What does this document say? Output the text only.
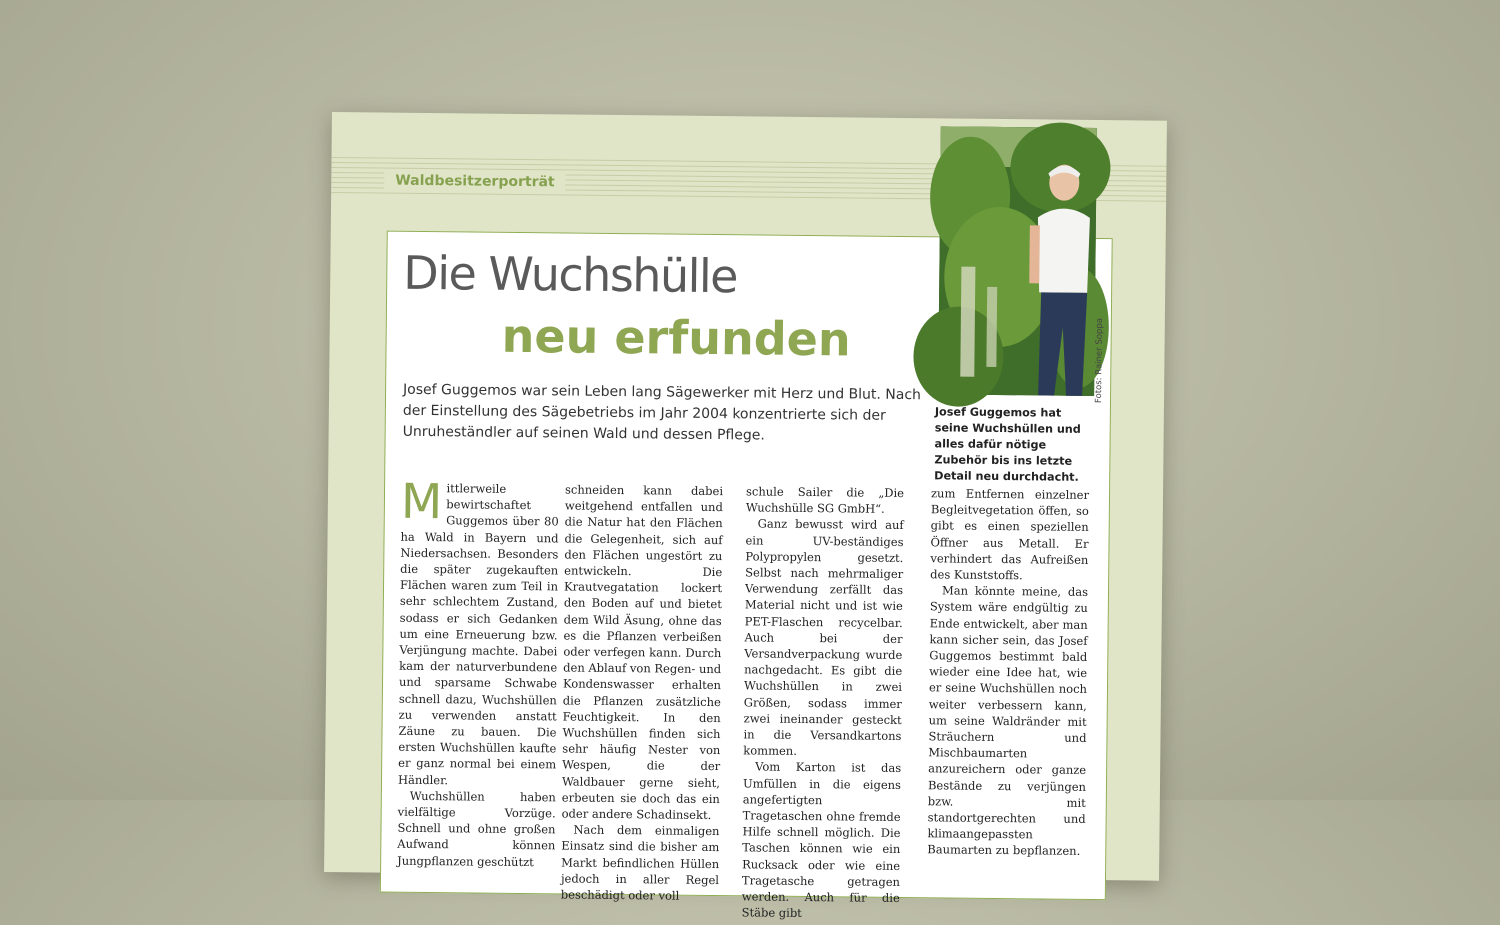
Waldbesitzerporträt
Die Wuchshülle
neu erfunden

Josef Guggemos war sein Leben lang Sägewerker mit Herz und Blut. Nach der Einstellung des Sägebetriebs im Jahr 2004 konzentrierte sich der Unruheständler auf seinen Wald und dessen Pflege.

Mittlerweile bewirtschaftet Guggemos über 80 ha Wald in Bayern und Niedersachsen. Besonders die später zugekauften Flächen waren zum Teil in sehr schlechtem Zustand, sodass er sich Gedanken um eine Erneuerung bzw. Verjüngung machte. Dabei kam der naturverbundene und sparsame Schwabe schnell dazu, Wuchshüllen zu verwenden anstatt Zäune zu bauen. Die ersten Wuchshüllen kaufte er ganz normal bei einem Händler.

Wuchshüllen haben vielfältige Vorzüge. Schnell und ohne großen Aufwand können Jungpflanzen geschützt

schneiden kann dabei weitgehend entfallen und die Natur hat den Flächen die Gelegenheit, sich auf den Flächen ungestört zu entwickeln. Die Krautvegatation lockert den Boden auf und bietet dem Wild Äsung, ohne das es die Pflanzen verbeißen oder verfegen kann. Durch den Ablauf von Regen- und Kondenswasser erhalten die Pflanzen zusätzliche Feuchtigkeit. In den Wuchshüllen finden sich sehr häufig Nester von Wespen, die der Waldbauer gerne sieht, erbeuten sie doch das ein oder andere Schadinsekt.

Nach dem einmaligen Einsatz sind die bisher am Markt befindlichen Hüllen jedoch in aller Regel beschädigt oder voll

schule Sailer die „Die Wuchshülle SG GmbH“.

Ganz bewusst wird auf ein UV-beständiges Polypropylen gesetzt. Selbst nach mehrmaliger Verwendung zerfällt das Material nicht und ist wie PET-Flaschen recycelbar. Auch bei der Versandverpackung wurde nachgedacht. Es gibt die Wuchshüllen in zwei Größen, sodass immer zwei ineinander gesteckt in die Versandkartons kommen.

Vom Karton ist das Umfüllen in die eigens angefertigten Tragetaschen ohne fremde Hilfe schnell möglich. Die Taschen können wie ein Rucksack oder wie eine Tragetasche getragen werden. Auch für die Stäbe gibt

zum Entfernen einzelner Begleitvegetation öffen, so gibt es einen speziellen Öffner aus Metall. Er verhindert das Aufreißen des Kunststoffs.

Man könnte meine, das System wäre endgültig zu Ende entwickelt, aber man kann sicher sein, das Josef Guggemos bestimmt bald wieder eine Idee hat, wie er seine Wuchshüllen noch weiter verbessern kann, um seine Waldränder mit Sträuchern und Mischbaumarten anzureichern oder ganze Bestände zu verjüngen bzw. mit standortgerechten und klimaangepassten Baumarten zu bepflanzen.

Fotos: Rainer Soppa

Josef Guggemos hat seine Wuchshüllen und alles dafür nötige Zubehör bis ins letzte Detail neu durchdacht.
